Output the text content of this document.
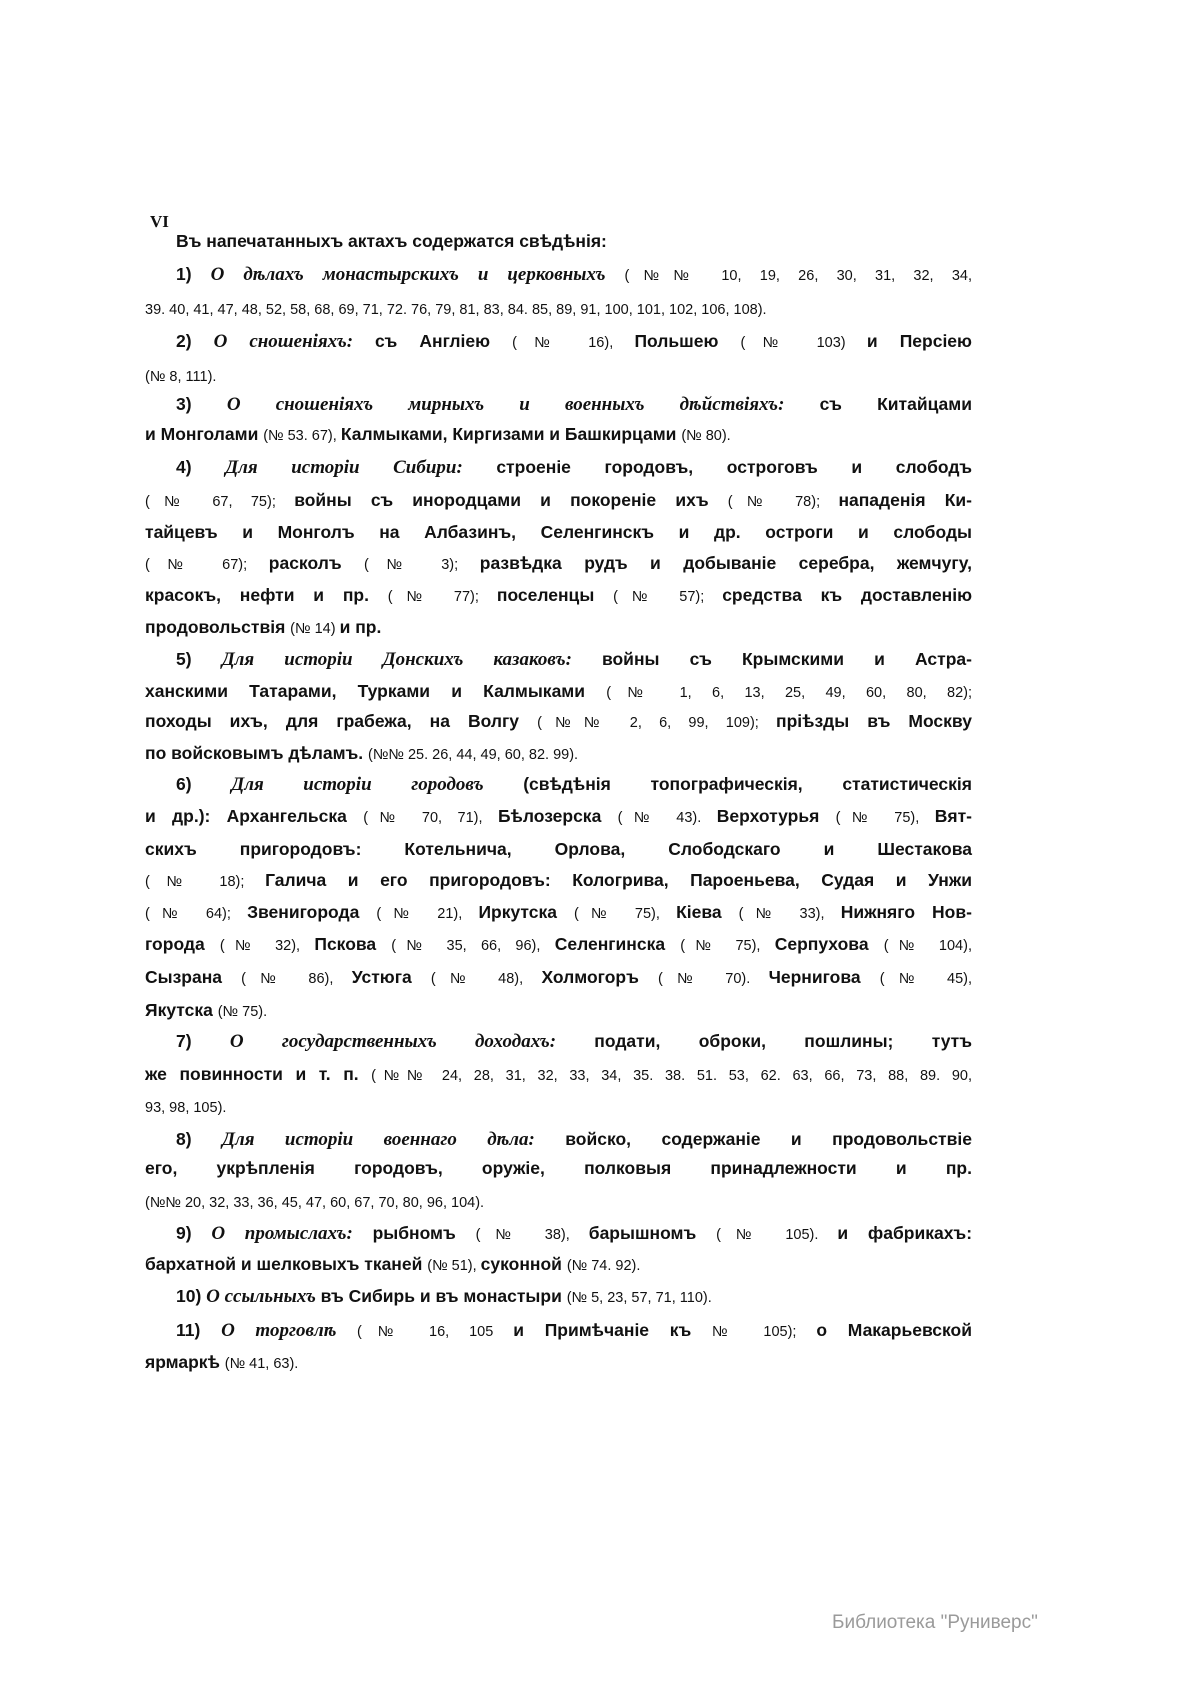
VI
Въ напечатанныхъ актахъ содержатся свѣдѣнія:
1) О дѣлахъ монастырскихъ и церковныхъ (№№ 10, 19, 26, 30, 31, 32, 34,
39. 40, 41, 47, 48, 52, 58, 68, 69, 71, 72. 76, 79, 81, 83, 84. 85, 89, 91, 100, 101, 102, 106, 108).
2) О сношеніяхъ: съ Англіею (№ 16), Польшею (№ 103) и Персіею
(№ 8, 111).
3) О сношеніяхъ мирныхъ и военныхъ дѣйствіяхъ: съ Китайцами
и Монголами (№ 53. 67), Калмыками, Киргизами и Башкирцами (№ 80).
4) Для исторіи Сибири: строеніе городовъ, остроговъ и слободъ
(№ 67, 75); войны съ инородцами и покореніе ихъ (№ 78); нападенія Ки-
тайцевъ и Монголъ на Албазинъ, Селенгинскъ и др. остроги и слободы
(№ 67); расколъ (№ 3); развѣдка рудъ и добываніе серебра, жемчугу,
красокъ, нефти и пр. (№ 77); поселенцы (№ 57); средства къ доставленію
продовольствія (№ 14) и пр.
5) Для исторіи Донскихъ казаковъ: войны съ Крымскими и Астра-
ханскими Татарами, Турками и Калмыками (№ 1, 6, 13, 25, 49, 60, 80, 82);
походы ихъ, для грабежа, на Волгу (№№ 2, 6, 99, 109); пріѣзды въ Москву
по войсковымъ дѣламъ. (№№ 25. 26, 44, 49, 60, 82. 99).
6) Для исторіи городовъ (свѣдѣнія топографическія, статистическія
и др.): Архангельска (№ 70, 71), Бѣлозерска (№ 43). Верхотурья (№ 75), Вят-
скихъ пригородовъ: Котельнича, Орлова, Слободскаго и Шестакова
(№ 18); Галича и его пригородовъ: Кологрива, Пароеньева, Судая и Унжи
(№ 64); Звенигорода (№ 21), Иркутска (№ 75), Кіева (№ 33), Нижняго Нов-
города (№ 32), Пскова (№ 35, 66, 96), Селенгинска (№ 75), Серпухова (№ 104),
Сызрана (№ 86), Устюга (№ 48), Холмогоръ (№ 70). Чернигова (№ 45),
Якутска (№ 75).
7) О государственныхъ доходахъ: подати, оброки, пошлины; тутъ
же повинности и т. п. (№№ 24, 28, 31, 32, 33, 34, 35. 38. 51. 53, 62. 63, 66, 73, 88, 89. 90,
93, 98, 105).
8) Для исторіи военнаго дѣла: войско, содержаніе и продовольствіе
его, укрѣпленія городовъ, оружіе, полковыя принадлежности и пр.
(№№ 20, 32, 33, 36, 45, 47, 60, 67, 70, 80, 96, 104).
9) О промыслахъ: рыбномъ (№ 38), барышномъ (№ 105). и фабрикахъ:
бархатной и шелковыхъ тканей (№ 51), суконной (№ 74. 92).
10) О ссыльныхъ въ Сибирь и въ монастыри (№ 5, 23, 57, 71, 110).
11) О торговлѣ (№ 16, 105 и Примѣчаніе къ № 105); о Макарьевской
ярмаркѣ (№ 41, 63).
Библиотека "Руниверс"
